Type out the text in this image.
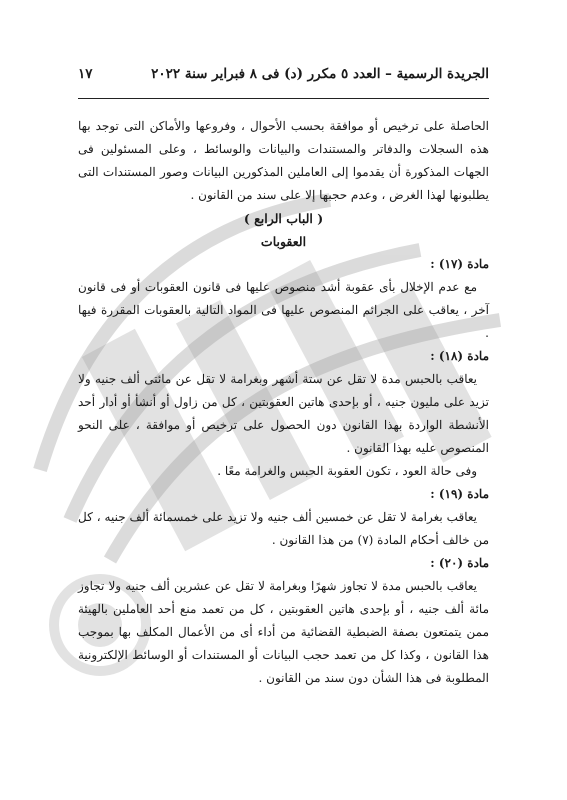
الجريدة الرسمية – العدد ٥ مكرر (د) فى ٨ فبراير سنة ٢٠٢٢
١٧

الحاصلة على ترخيص أو موافقة بحسب الأحوال ، وفروعها والأماكن التى توجد بها هذه السجلات والدفاتر والمستندات والبيانات والوسائط ، وعلى المسئولين فى الجهات المذكورة أن يقدموا إلى العاملين المذكورين البيانات وصور المستندات التى يطلبونها لهذا الغرض ، وعدم حجبها إلا على سند من القانون .

( الباب الرابع )

العقوبات

مادة (١٧) :

مع عدم الإخلال بأى عقوبة أشد منصوص عليها فى قانون العقوبات أو فى قانون آخر ، يعاقب على الجرائم المنصوص عليها فى المواد التالية بالعقوبات المقررة فيها .

مادة (١٨) :

يعاقب بالحبس مدة لا تقل عن ستة أشهر وبغرامة لا تقل عن مائتى ألف جنيه ولا تزيد على مليون جنيه ، أو بإحدى هاتين العقوبتين ، كل من زاول أو أنشأ أو أدار أحد الأنشطة الواردة بهذا القانون دون الحصول على ترخيص أو موافقة ، على النحو المنصوص عليه بهذا القانون .

وفى حالة العود ، تكون العقوبة الحبس والغرامة معًا .

مادة (١٩) :

يعاقب بغرامة لا تقل عن خمسين ألف جنيه ولا تزيد على خمسمائة ألف جنيه ، كل من خالف أحكام المادة (٧) من هذا القانون .

مادة (٢٠) :

يعاقب بالحبس مدة لا تجاوز شهرًا وبغرامة لا تقل عن عشرين ألف جنيه ولا تجاوز مائة ألف جنيه ، أو بإحدى هاتين العقوبتين ، كل من تعمد منع أحد العاملين بالهيئة ممن يتمتعون بصفة الضبطية القضائية من أداء أى من الأعمال المكلف بها بموجب هذا القانون ، وكذا كل من تعمد حجب البيانات أو المستندات أو الوسائط الإلكترونية المطلوبة فى هذا الشأن دون سند من القانون .
